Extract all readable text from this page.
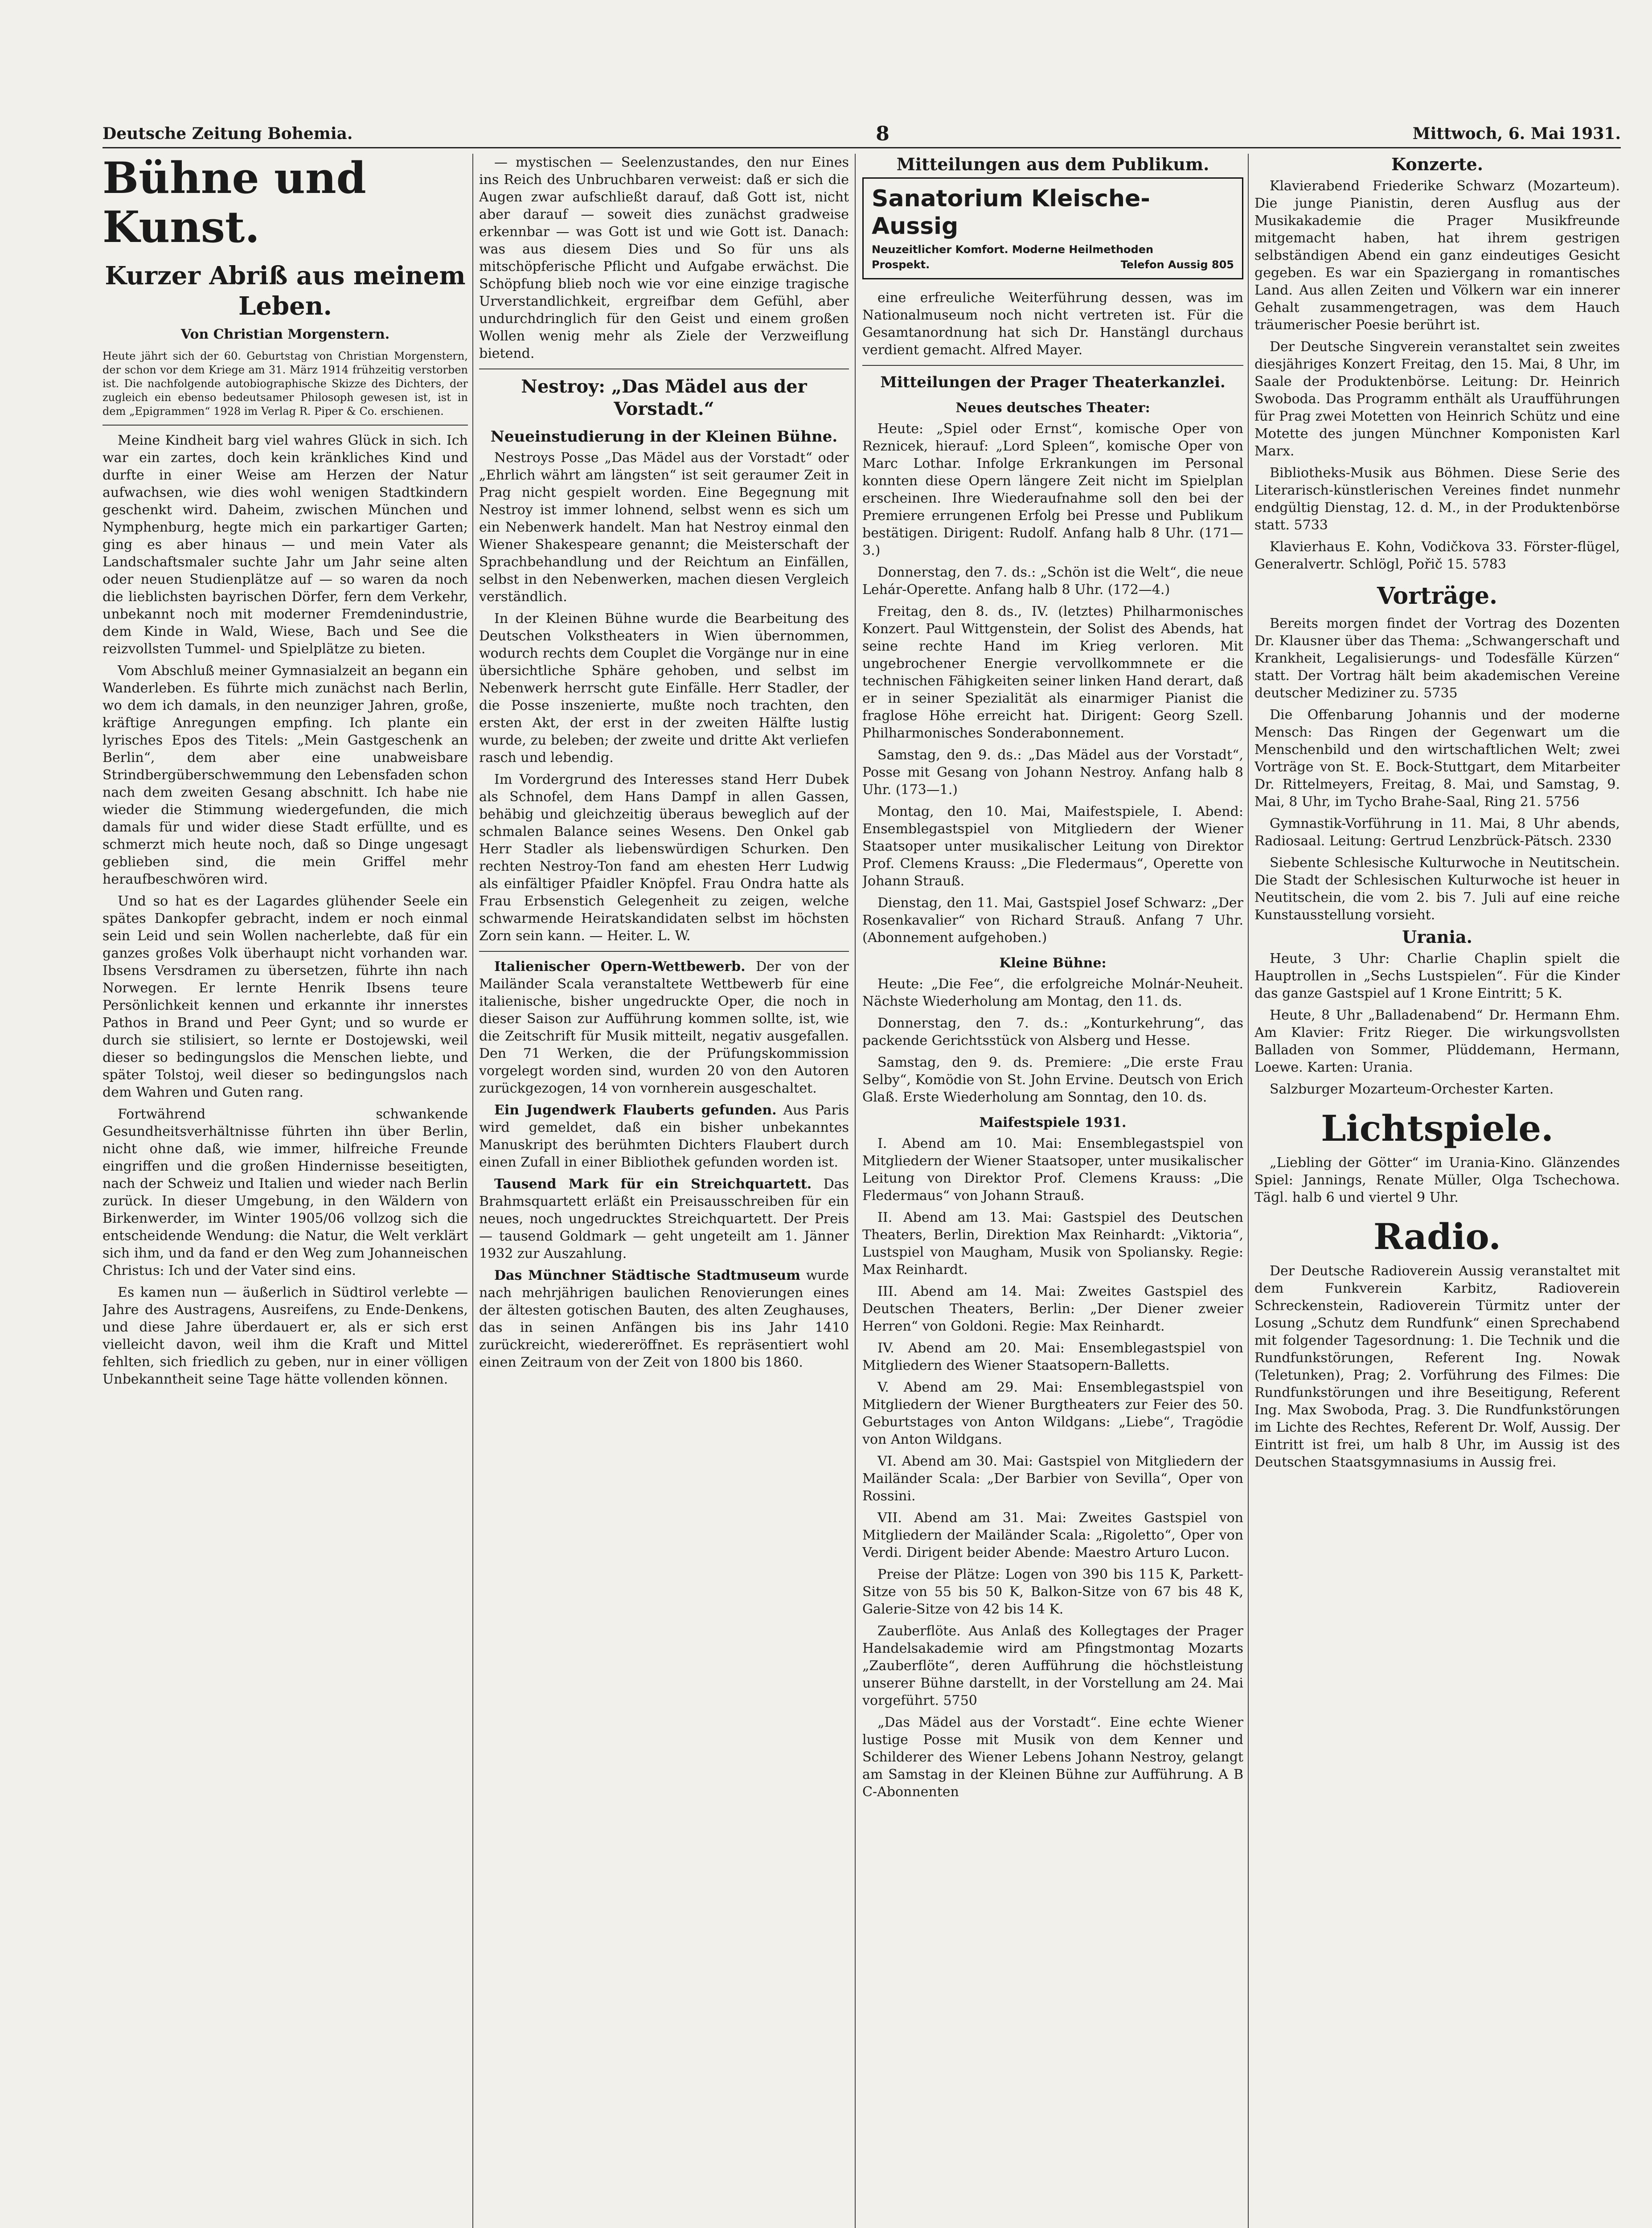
Deutsche Zeitung Bohemia.	8	Mittwoch, 6. Mai 1931.
Bühne und Kunst.
Kurzer Abriß aus meinem Leben.
Von Christian Morgenstern.
Heute jährt sich der 60. Geburtstag von Christian Morgenstern, der schon vor dem Kriege am 31. März 1914 frühzeitig verstorben ist. Die nachfolgende autobiographische Skizze des Dichters, der zugleich ein ebenso bedeutsamer Philosoph gewesen ist, ist in dem „Epigrammen“ 1928 im Verlag R. Piper & Co. erschienen.

Meine Kindheit barg viel wahres Glück in sich. Ich war ein zartes, doch kein kränkliches Kind und durfte in einer Weise am Herzen der Natur aufwachsen, wie dies wohl wenigen Stadtkindern geschenkt wird. Daheim, zwischen München und Nymphenburg, hegte mich ein parkartiger Garten; ging es aber hinaus — und mein Vater als Landschaftsmaler suchte Jahr um Jahr seine alten oder neuen Studienplätze auf — so waren da noch die lieblichsten bayrischen Dörfer, fern dem Verkehr, unbekannt noch mit moderner Fremdenindustrie, dem Kinde in Wald, Wiese, Bach und See die reizvollsten Tummel- und Spielplätze zu bieten.

Vom Abschluß meiner Gymnasialzeit an begann ein Wanderleben. Es führte mich zunächst nach Berlin, wo dem ich damals, in den neunziger Jahren, große, kräftige Anregungen empfing. Ich plante ein lyrisches Epos des Titels: „Mein Gastgeschenk an Berlin“, dem aber eine unabweisbare Strindbergüberschwemmung den Lebensfaden schon nach dem zweiten Gesang abschnitt. Ich habe nie wieder die Stimmung wiedergefunden, die mich damals für und wider diese Stadt erfüllte, und es schmerzt mich heute noch, daß so Dinge ungesagt geblieben sind, die mein Griffel mehr heraufbeschwören wird.

Und so hat es der Lagardes glühender Seele ein spätes Dankopfer gebracht, indem er noch einmal sein Leid und sein Wollen nacherlebte, daß für ein ganzes großes Volk überhaupt nicht vorhanden war. Ibsens Versdramen zu übersetzen, führte ihn nach Norwegen. Er lernte Henrik Ibsens teure Persönlichkeit kennen und erkannte ihr innerstes Pathos in Brand und Peer Gynt; und so wurde er durch sie stilisiert, so lernte er Dostojewski, weil dieser so bedingungslos die Menschen liebte, und später Tolstoj, weil dieser so bedingungslos nach dem Wahren und Guten rang.

Fortwährend schwankende Gesundheitsverhältnisse führten ihn über Berlin, nicht ohne daß, wie immer, hilfreiche Freunde eingriffen und die großen Hindernisse beseitigten, nach der Schweiz und Italien und wieder nach Berlin zurück. In dieser Umgebung, in den Wäldern von Birkenwerder, im Winter 1905/06 vollzog sich die entscheidende Wendung: die Natur, die Welt verklärt sich ihm, und da fand er den Weg zum Johanneischen Christus: Ich und der Vater sind eins.

Es kamen nun — äußerlich in Südtirol verlebte — Jahre des Austragens, Ausreifens, zu Ende-Denkens, und diese Jahre überdauert er, als er sich erst vielleicht davon, weil ihm die Kraft und Mittel fehlten, sich friedlich zu geben, nur in einer völligen Unbekanntheit seine Tage hätte vollenden können.

— mystischen — Seelenzustandes, den nur Eines ins Reich des Unbruchbaren verweist: daß er sich die Augen zwar aufschließt darauf, daß Gott ist, nicht aber darauf — soweit dies zunächst gradweise erkennbar — was Gott ist und wie Gott ist. Danach: was aus diesem Dies und So für uns als mitschöpferische Pflicht und Aufgabe erwächst. Die Schöpfung blieb noch wie vor eine einzige tragische Urverstandlichkeit, ergreifbar dem Gefühl, aber undurchdringlich für den Geist und einem großen Wollen wenig mehr als Ziele der Verzweiflung bietend.

Nestroy: „Das Mädel aus der Vorstadt.“
Neueinstudierung in der Kleinen Bühne.

Nestroys Posse „Das Mädel aus der Vorstadt“ oder „Ehrlich währt am längsten“ ist seit geraumer Zeit in Prag nicht gespielt worden. Eine Begegnung mit Nestroy ist immer lohnend, selbst wenn es sich um ein Nebenwerk handelt. Man hat Nestroy einmal den Wiener Shakespeare genannt; die Meisterschaft der Sprachbehandlung und der Reichtum an Einfällen, selbst in den Nebenwerken, machen diesen Vergleich verständlich.

In der Kleinen Bühne wurde die Bearbeitung des Deutschen Volkstheaters in Wien übernommen, wodurch rechts dem Couplet die Vorgänge nur in eine übersichtliche Sphäre gehoben, und selbst im Nebenwerk herrscht gute Einfälle. Herr Stadler, der die Posse inszenierte, mußte noch trachten, den ersten Akt, der erst in der zweiten Hälfte lustig wurde, zu beleben; der zweite und dritte Akt verliefen rasch und lebendig.

Im Vordergrund des Interesses stand Herr Dubek als Schnofel, dem Hans Dampf in allen Gassen, behäbig und gleichzeitig überaus beweglich auf der schmalen Balance seines Wesens. Den Onkel gab Herr Stadler als liebenswürdigen Schurken. Den rechten Nestroy-Ton fand am ehesten Herr Ludwig als einfältiger Pfaidler Knöpfel. Frau Ondra hatte als Frau Erbsenstich Gelegenheit zu zeigen, welche schwarmende Heiratskandidaten selbst im höchsten Zorn sein kann. — Heiter. L. W.

Italienischer Opern-Wettbewerb. Der von der Mailänder Scala veranstaltete Wettbewerb für eine italienische, bisher ungedruckte Oper, die noch in dieser Saison zur Aufführung kommen sollte, ist, wie die Zeitschrift für Musik mitteilt, negativ ausgefallen. Den 71 Werken, die der Prüfungskommission vorgelegt worden sind, wurden 20 von den Autoren zurückgezogen, 14 von vornherein ausgeschaltet.

Ein Jugendwerk Flauberts gefunden. Aus Paris wird gemeldet, daß ein bisher unbekanntes Manuskript des berühmten Dichters Flaubert durch einen Zufall in einer Bibliothek gefunden worden ist.

Tausend Mark für ein Streichquartett. Das Brahmsquartett erläßt ein Preisausschreiben für ein neues, noch ungedrucktes Streichquartett. Der Preis — tausend Goldmark — geht ungeteilt am 1. Jänner 1932 zur Auszahlung.

Das Münchner Städtische Stadtmuseum wurde nach mehrjährigen baulichen Renovierungen eines der ältesten gotischen Bauten, des alten Zeughauses, das in seinen Anfängen bis ins Jahr 1410 zurückreicht, wiedereröffnet. Es repräsentiert wohl einen Zeitraum von der Zeit von 1800 bis 1860.

Mitteilungen aus dem Publikum.
Sanatorium Kleische-Aussig
Neuzeitlicher Komfort. Moderne Heilmethoden
Prospekt.	Telefon Aussig 805

eine erfreuliche Weiterführung dessen, was im Nationalmuseum noch nicht vertreten ist. Für die Gesamtanordnung hat sich Dr. Hanstängl durchaus verdient gemacht. Alfred Mayer.

Mitteilungen der Prager Theaterkanzlei.
Neues deutsches Theater:

Heute: „Spiel oder Ernst“, komische Oper von Reznicek, hierauf: „Lord Spleen“, komische Oper von Marc Lothar. Infolge Erkrankungen im Personal konnten diese Opern längere Zeit nicht im Spielplan erscheinen. Ihre Wiederaufnahme soll den bei der Premiere errungenen Erfolg bei Presse und Publikum bestätigen. Dirigent: Rudolf. Anfang halb 8 Uhr. (171—3.)

Donnerstag, den 7. ds.: „Schön ist die Welt“, die neue Lehár-Operette. Anfang halb 8 Uhr. (172—4.)

Freitag, den 8. ds., IV. (letztes) Philharmonisches Konzert. Paul Wittgenstein, der Solist des Abends, hat seine rechte Hand im Krieg verloren. Mit ungebrochener Energie vervollkommnete er die technischen Fähigkeiten seiner linken Hand derart, daß er in seiner Spezialität als einarmiger Pianist die fraglose Höhe erreicht hat. Dirigent: Georg Szell. Philharmonisches Sonderabonnement.

Samstag, den 9. ds.: „Das Mädel aus der Vorstadt“, Posse mit Gesang von Johann Nestroy. Anfang halb 8 Uhr. (173—1.)

Montag, den 10. Mai, Maifestspiele, I. Abend: Ensemblegastspiel von Mitgliedern der Wiener Staatsoper unter musikalischer Leitung von Direktor Prof. Clemens Krauss: „Die Fledermaus“, Operette von Johann Strauß.

Dienstag, den 11. Mai, Gastspiel Josef Schwarz: „Der Rosenkavalier“ von Richard Strauß. Anfang 7 Uhr. (Abonnement aufgehoben.)

Kleine Bühne:

Heute: „Die Fee“, die erfolgreiche Molnár-Neuheit. Nächste Wiederholung am Montag, den 11. ds.

Donnerstag, den 7. ds.: „Konturkehrung“, das packende Gerichtsstück von Alsberg und Hesse.

Samstag, den 9. ds. Premiere: „Die erste Frau Selby“, Komödie von St. John Ervine. Deutsch von Erich Glaß. Erste Wiederholung am Sonntag, den 10. ds.

Maifestspiele 1931.

I. Abend am 10. Mai: Ensemblegastspiel von Mitgliedern der Wiener Staatsoper, unter musikalischer Leitung von Direktor Prof. Clemens Krauss: „Die Fledermaus“ von Johann Strauß.

II. Abend am 13. Mai: Gastspiel des Deutschen Theaters, Berlin, Direktion Max Reinhardt: „Viktoria“, Lustspiel von Maugham, Musik von Spoliansky. Regie: Max Reinhardt.

III. Abend am 14. Mai: Zweites Gastspiel des Deutschen Theaters, Berlin: „Der Diener zweier Herren“ von Goldoni. Regie: Max Reinhardt.

IV. Abend am 20. Mai: Ensemblegastspiel von Mitgliedern des Wiener Staatsopern-Balletts.

V. Abend am 29. Mai: Ensemblegastspiel von Mitgliedern der Wiener Burgtheaters zur Feier des 50. Geburtstages von Anton Wildgans: „Liebe“, Tragödie von Anton Wildgans.

VI. Abend am 30. Mai: Gastspiel von Mitgliedern der Mailänder Scala: „Der Barbier von Sevilla“, Oper von Rossini.

VII. Abend am 31. Mai: Zweites Gastspiel von Mitgliedern der Mailänder Scala: „Rigoletto“, Oper von Verdi. Dirigent beider Abende: Maestro Arturo Lucon.

Preise der Plätze: Logen von 390 bis 115 K, Parkett-Sitze von 55 bis 50 K, Balkon-Sitze von 67 bis 48 K, Galerie-Sitze von 42 bis 14 K.

Zauberflöte. Aus Anlaß des Kollegtages der Prager Handelsakademie wird am Pfingstmontag Mozarts „Zauberflöte“, deren Aufführung die höchstleistung unserer Bühne darstellt, in der Vorstellung am 24. Mai vorgeführt. 5750

„Das Mädel aus der Vorstadt“. Eine echte Wiener lustige Posse mit Musik von dem Kenner und Schilderer des Wiener Lebens Johann Nestroy, gelangt am Samstag in der Kleinen Bühne zur Aufführung. A B C-Abonnenten

Konzerte.

Klavierabend Friederike Schwarz (Mozarteum). Die junge Pianistin, deren Ausflug aus der Musikakademie die Prager Musikfreunde mitgemacht haben, hat ihrem gestrigen selbständigen Abend ein ganz eindeutiges Gesicht gegeben. Es war ein Spaziergang in romantisches Land. Aus allen Zeiten und Völkern war ein innerer Gehalt zusammengetragen, was dem Hauch träumerischer Poesie berührt ist.

Der Deutsche Singverein veranstaltet sein zweites diesjähriges Konzert Freitag, den 15. Mai, 8 Uhr, im Saale der Produktenbörse. Leitung: Dr. Heinrich Swoboda. Das Programm enthält als Uraufführungen für Prag zwei Motetten von Heinrich Schütz und eine Motette des jungen Münchner Komponisten Karl Marx.

Bibliotheks-Musik aus Böhmen. Diese Serie des Literarisch-künstlerischen Vereines findet nunmehr endgültig Dienstag, 12. d. M., in der Produktenbörse statt. 5733

Klavierhaus E. Kohn, Vodičkova 33. Förster-flügel, Generalvertr. Schlögl, Pořič 15. 5783

Vorträge.

Bereits morgen findet der Vortrag des Dozenten Dr. Klausner über das Thema: „Schwangerschaft und Krankheit, Legalisierungs- und Todesfälle Kürzen“ statt. Der Vortrag hält beim akademischen Vereine deutscher Mediziner zu. 5735

Die Offenbarung Johannis und der moderne Mensch: Das Ringen der Gegenwart um die Menschenbild und den wirtschaftlichen Welt; zwei Vorträge von St. E. Bock-Stuttgart, dem Mitarbeiter Dr. Rittelmeyers, Freitag, 8. Mai, und Samstag, 9. Mai, 8 Uhr, im Tycho Brahe-Saal, Ring 21. 5756

Gymnastik-Vorführung in 11. Mai, 8 Uhr abends, Radiosaal. Leitung: Gertrud Lenzbrück-Pätsch. 2330

Siebente Schlesische Kulturwoche in Neutitschein. Die Stadt der Schlesischen Kulturwoche ist heuer in Neutitschein, die vom 2. bis 7. Juli auf eine reiche Kunstausstellung vorsieht.

Urania.

Heute, 3 Uhr: Charlie Chaplin spielt die Hauptrollen in „Sechs Lustspielen“. Für die Kinder das ganze Gastspiel auf 1 Krone Eintritt; 5 K.

Heute, 8 Uhr „Balladenabend“ Dr. Hermann Ehm. Am Klavier: Fritz Rieger. Die wirkungsvollsten Balladen von Sommer, Plüddemann, Hermann, Loewe. Karten: Urania.

Salzburger Mozarteum-Orchester Karten.

Lichtspiele.

„Liebling der Götter“ im Urania-Kino. Glänzendes Spiel: Jannings, Renate Müller, Olga Tschechowa. Tägl. halb 6 und viertel 9 Uhr.

Radio.

Der Deutsche Radioverein Aussig veranstaltet mit dem Funkverein Karbitz, Radioverein Schreckenstein, Radioverein Türmitz unter der Losung „Schutz dem Rundfunk“ einen Sprechabend mit folgender Tagesordnung: 1. Die Technik und die Rundfunkstörungen, Referent Ing. Nowak (Teletunken), Prag; 2. Vorführung des Filmes: Die Rundfunkstörungen und ihre Beseitigung, Referent Ing. Max Swoboda, Prag. 3. Die Rundfunkstörungen im Lichte des Rechtes, Referent Dr. Wolf, Aussig. Der Eintritt ist frei, um halb 8 Uhr, im Aussig ist des Deutschen Staatsgymnasiums in Aussig frei.
